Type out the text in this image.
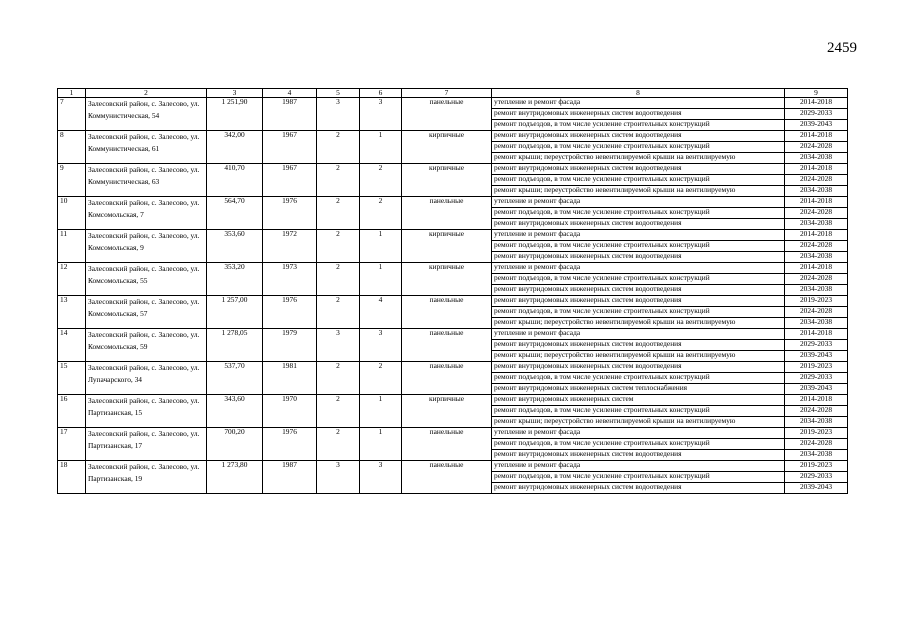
2459
1	2	3	4	5	6	7	8	9
7	Залесовский район, с. Залесово, ул. Коммунистическая, 54	1 251,90	1987	3	3	панельные	утепление и ремонт фасада	2014-2018
							ремонт внутридомовых инженерных систем водоотведения	2029-2033
							ремонт подъездов, в том числе усиление строительных конструкций	2039-2043
8	Залесовский район, с. Залесово, ул. Коммунистическая, 61	342,00	1967	2	1	кирпичные	ремонт внутридомовых инженерных систем водоотведения	2014-2018
							ремонт подъездов, в том числе усиление строительных конструкций	2024-2028
							ремонт крыши; переустройство невентилируемой крыши на вентилируемую	2034-2038
9	Залесовский район, с. Залесово, ул. Коммунистическая, 63	410,70	1967	2	2	кирпичные	ремонт внутридомовых инженерных систем водоотведения	2014-2018
							ремонт подъездов, в том числе усиление строительных конструкций	2024-2028
							ремонт крыши; переустройство невентилируемой крыши на вентилируемую	2034-2038
10	Залесовский район, с. Залесово, ул. Комсомольская, 7	564,70	1976	2	2	панельные	утепление и ремонт фасада	2014-2018
							ремонт подъездов, в том числе усиление строительных конструкций	2024-2028
							ремонт внутридомовых инженерных систем водоотведения	2034-2038
11	Залесовский район, с. Залесово, ул. Комсомольская, 9	353,60	1972	2	1	кирпичные	утепление и ремонт фасада	2014-2018
							ремонт подъездов, в том числе усиление строительных конструкций	2024-2028
							ремонт внутридомовых инженерных систем водоотведения	2034-2038
12	Залесовский район, с. Залесово, ул. Комсомольская, 55	353,20	1973	2	1	кирпичные	утепление и ремонт фасада	2014-2018
							ремонт подъездов, в том числе усиление строительных конструкций	2024-2028
							ремонт внутридомовых инженерных систем водоотведения	2034-2038
13	Залесовский район, с. Залесово, ул. Комсомольская, 57	1 257,00	1976	2	4	панельные	ремонт внутридомовых инженерных систем водоотведения	2019-2023
							ремонт подъездов, в том числе усиление строительных конструкций	2024-2028
							ремонт крыши; переустройство невентилируемой крыши на вентилируемую	2034-2038
14	Залесовский район, с. Залесово, ул. Комсомольская, 59	1 278,05	1979	3	3	панельные	утепление и ремонт фасада	2014-2018
							ремонт внутридомовых инженерных систем водоотведения	2029-2033
							ремонт крыши; переустройство невентилируемой крыши на вентилируемую	2039-2043
15	Залесовский район, с. Залесово, ул. Лупачарского, 34	537,70	1981	2	2	панельные	ремонт внутридомовых инженерных систем водоотведения	2019-2023
							ремонт подъездов, в том числе усиление строительных конструкций	2029-2033
							ремонт внутридомовых инженерных систем теплоснабжения	2039-2043
16	Залесовский район, с. Залесово, ул. Партизанская, 15	343,60	1970	2	1	кирпичные	ремонт внутридомовых инженерных систем	2014-2018
							ремонт подъездов, в том числе усиление строительных конструкций	2024-2028
							ремонт крыши; переустройство невентилируемой крыши на вентилируемую	2034-2038
17	Залесовский район, с. Залесово, ул. Партизанская, 17	700,20	1976	2	1	панельные	утепление и ремонт фасада	2019-2023
							ремонт подъездов, в том числе усиление строительных конструкций	2024-2028
							ремонт внутридомовых инженерных систем водоотведения	2034-2038
18	Залесовский район, с. Залесово, ул. Партизанская, 19	1 273,80	1987	3	3	панельные	утепление и ремонт фасада	2019-2023
							ремонт подъездов, в том числе усиление строительных конструкций	2029-2033
							ремонт внутридомовых инженерных систем водоотведения	2039-2043
